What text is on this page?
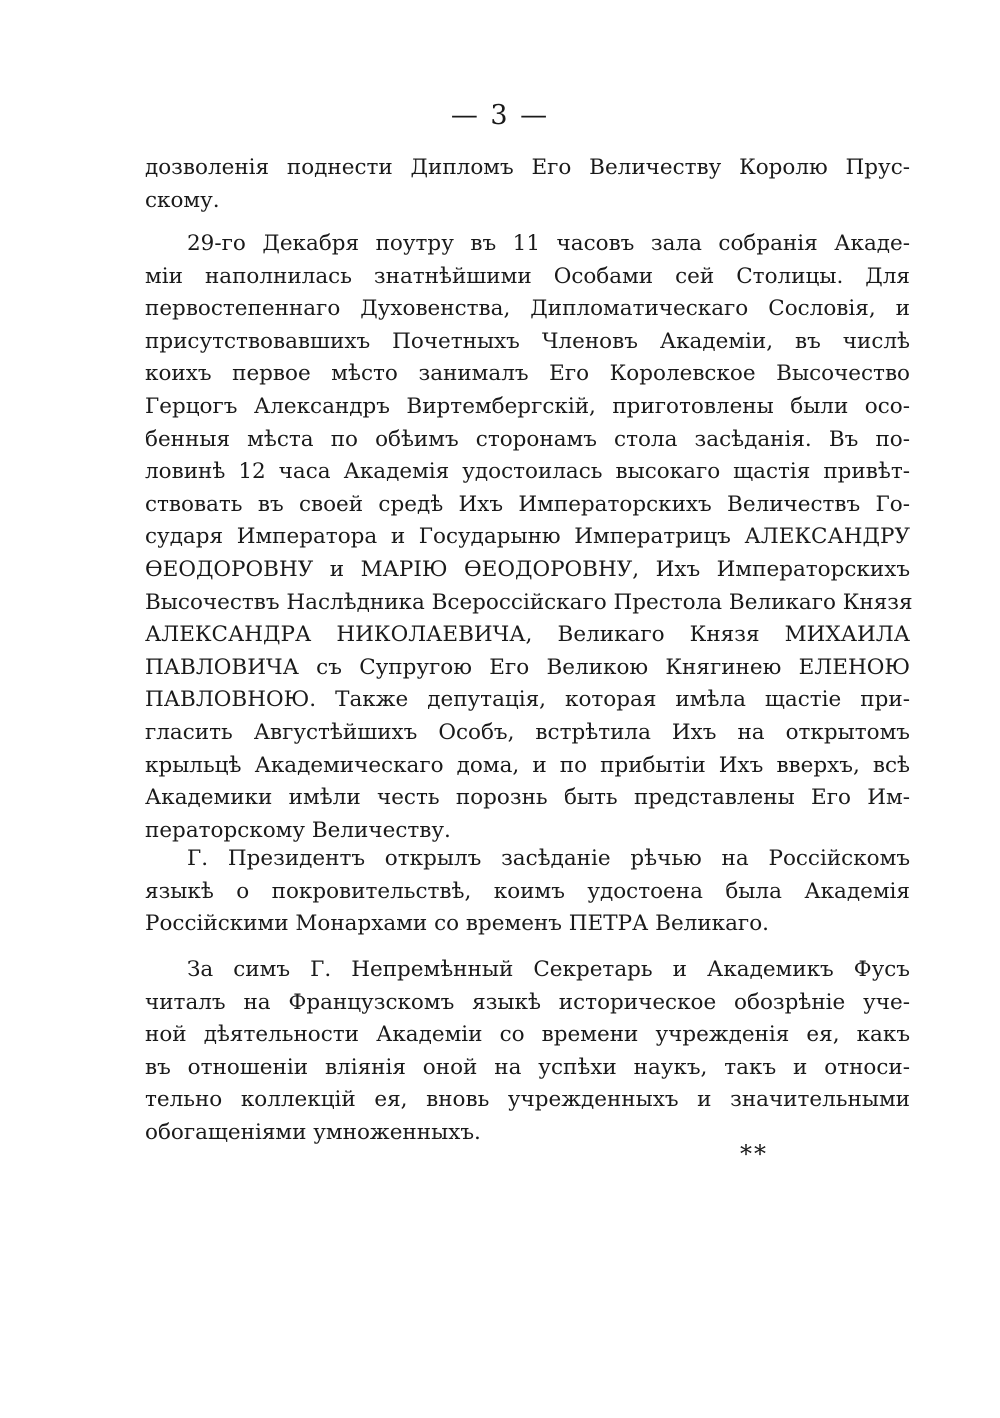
— 3 —
дозволенія поднести Дипломъ Его Величеству Королю Прус-
скому.
29-го Декабря поутру въ 11 часовъ зала собранія Акаде-
міи наполнилась знатнѣйшими Особами сей Столицы. Для
первостепеннаго Духовенства, Дипломатическаго Сословія, и
присутствовавшихъ Почетныхъ Членовъ Академіи, въ числѣ
коихъ первое мѣсто занималъ Его Королевское Высочество
Герцогъ Александръ Виртембергскій, приготовлены были осо-
бенныя мѣста по обѣимъ сторонамъ стола засѣданія. Въ по-
ловинѣ 12 часа Академія удостоилась высокаго щастія привѣт-
ствовать въ своей средѣ Ихъ Императорскихъ Величествъ Го-
сударя Императора и Государыню Императрицъ АЛЕКСАНДРУ
ѲЕОДОРОВНУ и МАРІЮ ѲЕОДОРОВНУ, Ихъ Императорскихъ
Высочествъ Наслѣдника Всероссійскаго Престола Великаго Князя
АЛЕКСАНДРА НИКОЛАЕВИЧА, Великаго Князя МИХАИЛА
ПАВЛОВИЧА съ Супругою Его Великою Княгинею ЕЛЕНОЮ
ПАВЛОВНОЮ. Также депутація, которая имѣла щастіе при-
гласить Августѣйшихъ Особъ, встрѣтила Ихъ на открытомъ
крыльцѣ Академическаго дома, и по прибытіи Ихъ вверхъ, всѣ
Академики имѣли честь порознь быть представлены Его Им-
ператорскому Величеству.
Г. Президентъ открылъ засѣданіе рѣчью на Россійскомъ
языкѣ о покровительствѣ, коимъ удостоена была Академія
Россійскими Монархами со временъ ПЕТРА Великаго.
За симъ Г. Непремѣнный Секретарь и Академикъ Фусъ
читалъ на Французскомъ языкѣ историческое обозрѣніе уче-
ной дѣятельности Академіи со времени учрежденія ея, какъ
въ отношеніи вліянія оной на успѣхи наукъ, такъ и относи-
тельно коллекцій ея, вновь учрежденныхъ и значительными
обогащеніями умноженныхъ.
**
